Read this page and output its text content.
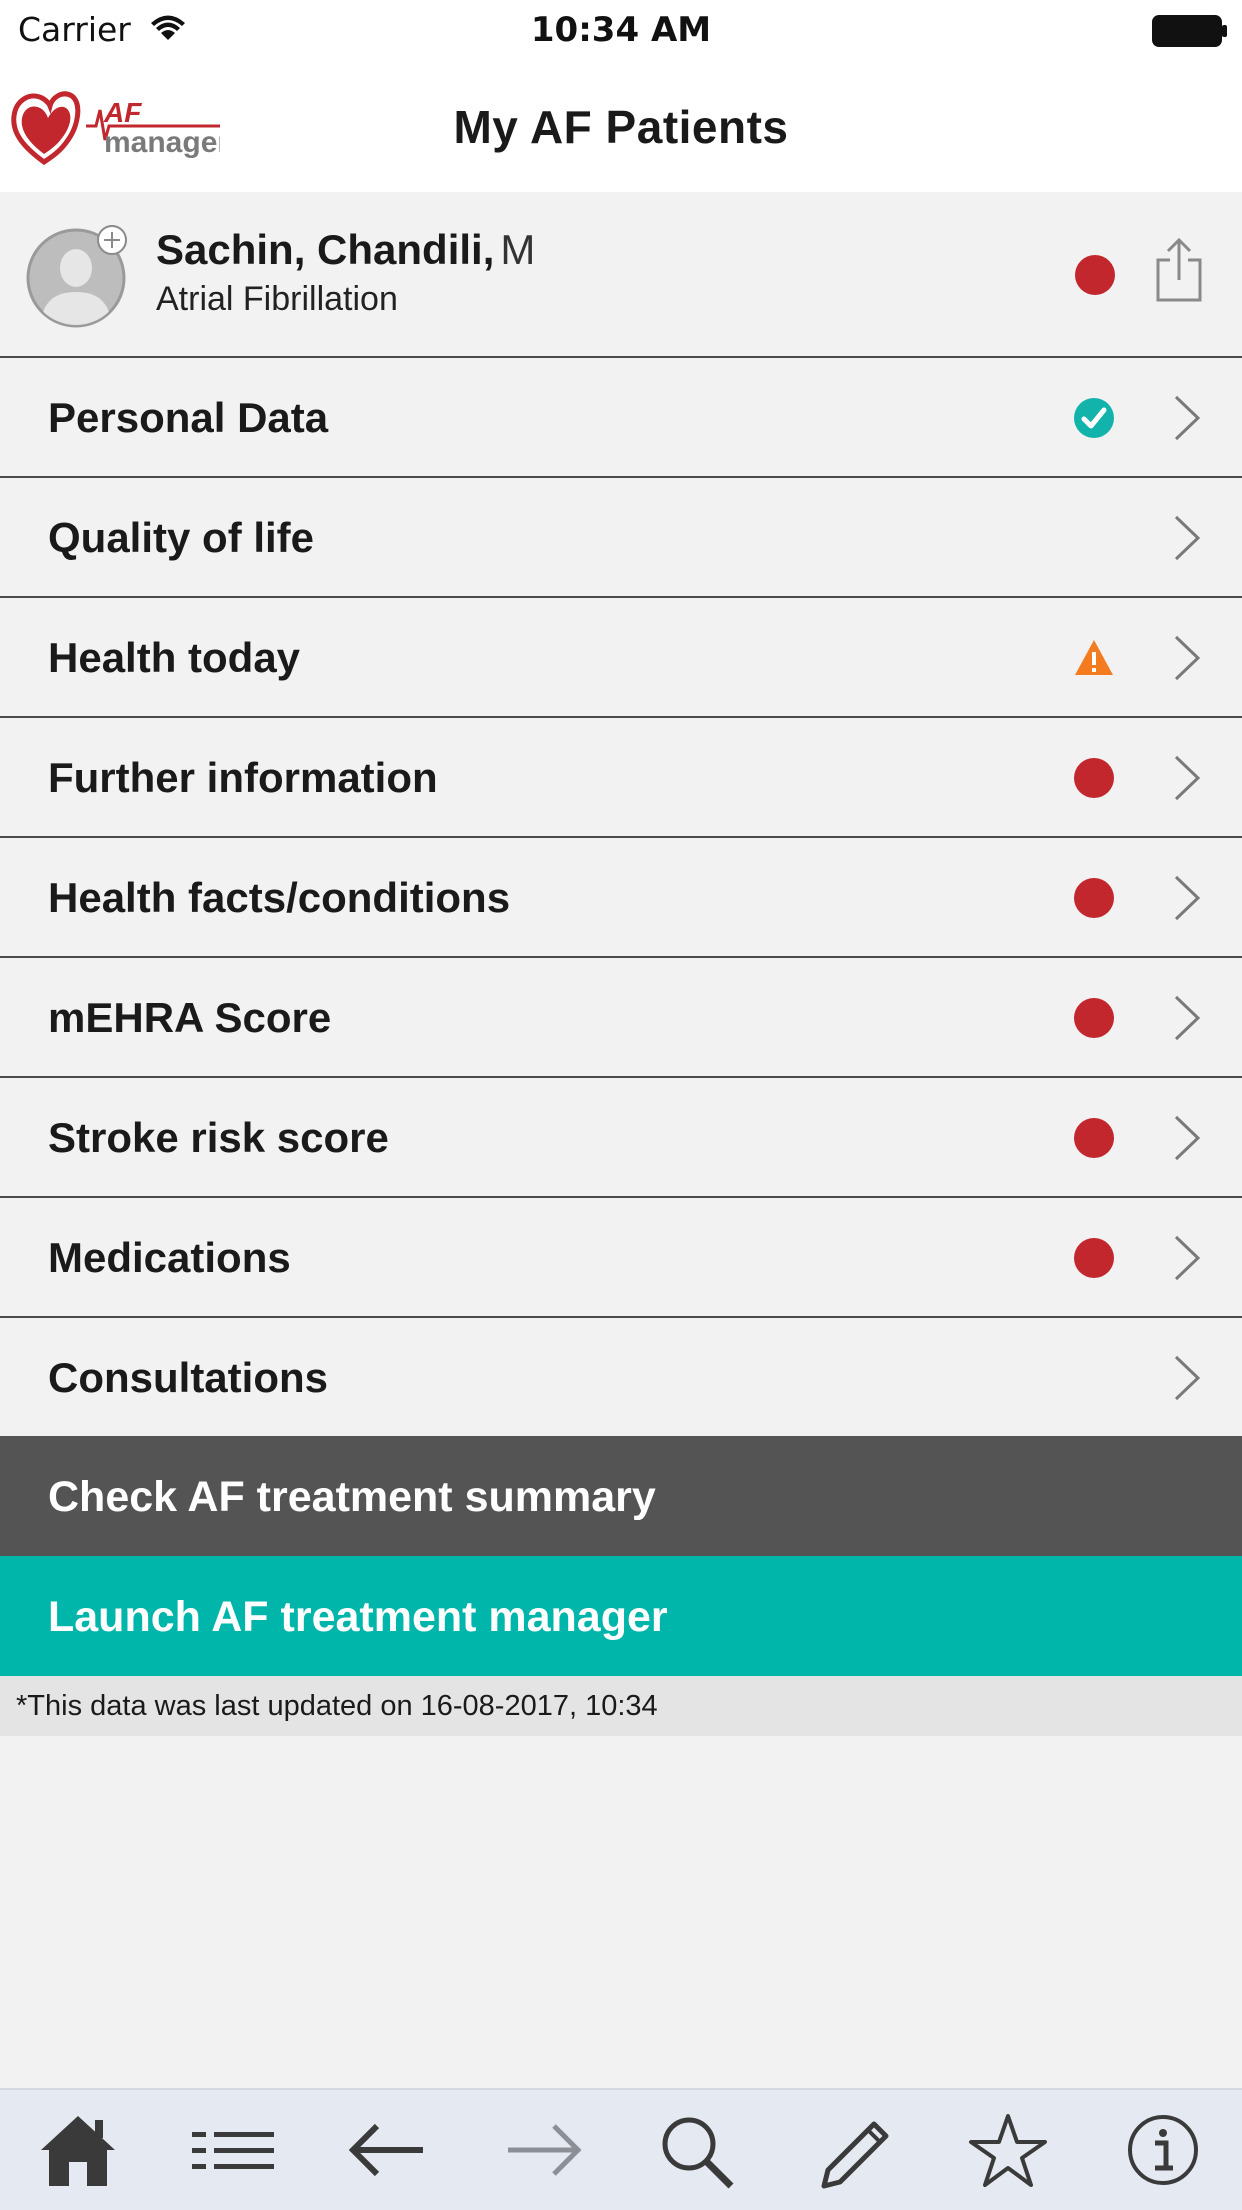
Carrier	10:34 AM
AF
manager	My AF Patients
Sachin, Chandili, M
Atrial Fibrillation
Personal Data
Quality of life
Health today
Further information
Health facts/conditions
mEHRA Score
Stroke risk score
Medications
Consultations
Check AF treatment summary
Launch AF treatment manager
*This data was last updated on 16-08-2017, 10:34
